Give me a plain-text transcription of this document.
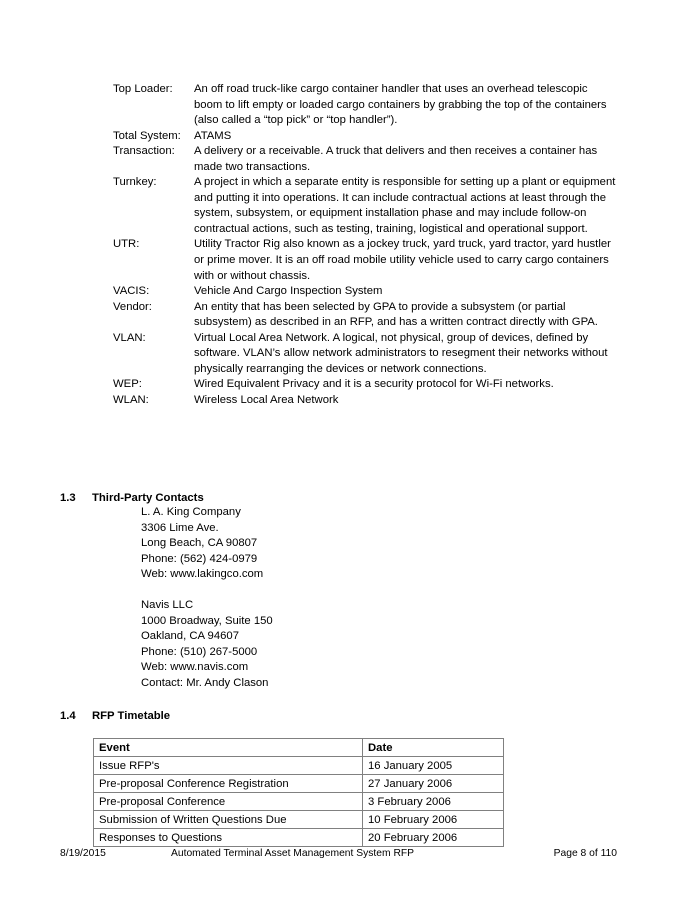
Top Loader:	An off road truck-like cargo container handler that uses an overhead telescopic boom to lift empty or loaded cargo containers by grabbing the top of the containers (also called a “top pick” or “top handler”).
Total System:	ATAMS
Transaction:	A delivery or a receivable. A truck that delivers and then receives a container has made two transactions.
Turnkey:	A project in which a separate entity is responsible for setting up a plant or equipment and putting it into operations. It can include contractual actions at least through the system, subsystem, or equipment installation phase and may include follow-on contractual actions, such as testing, training, logistical and operational support.
UTR:	Utility Tractor Rig also known as a jockey truck, yard truck, yard tractor, yard hustler or prime mover. It is an off road mobile utility vehicle used to carry cargo containers with or without chassis.
VACIS:	Vehicle And Cargo Inspection System
Vendor:	An entity that has been selected by GPA to provide a subsystem (or partial subsystem) as described in an RFP, and has a written contract directly with GPA.
VLAN:	Virtual Local Area Network. A logical, not physical, group of devices, defined by software. VLAN’s allow network administrators to resegment their networks without physically rearranging the devices or network connections.
WEP:	Wired Equivalent Privacy and it is a security protocol for Wi-Fi networks.
WLAN:	Wireless Local Area Network
1.3 Third-Party Contacts
L. A. King Company
3306 Lime Ave.
Long Beach, CA 90807
Phone: (562) 424-0979
Web: www.lakingco.com
Navis LLC
1000 Broadway, Suite 150
Oakland, CA 94607
Phone: (510) 267-5000
Web: www.navis.com
Contact: Mr. Andy Clason
1.4 RFP Timetable
Event	Date
Issue RFP's	16 January 2005
Pre-proposal Conference Registration	27 January 2006
Pre-proposal Conference	3 February 2006
Submission of Written Questions Due	10 February 2006
Responses to Questions	20 February 2006
8/19/2015	Automated Terminal Asset Management System RFP	Page 8 of 110
